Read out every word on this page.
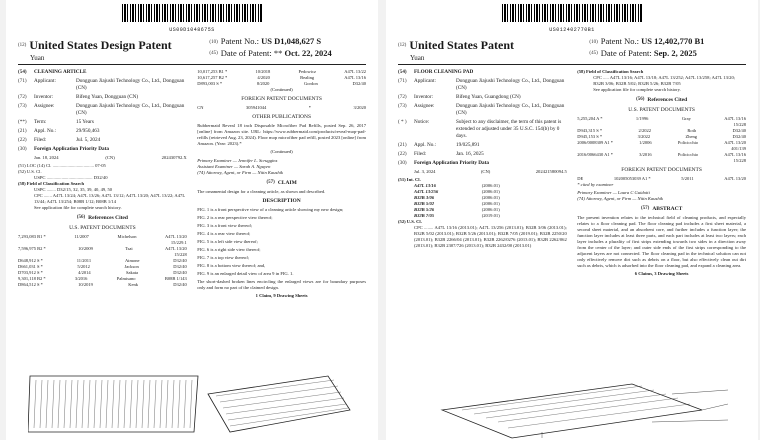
US00D1048675S
(12) United States Design Patent
Yuan
(10) Patent No.: US D1,048,627 S
(45) Date of Patent: ** Oct. 22, 2024
(54)	CLEANING ARTICLE
(71)	Applicant:	Dongguan Jiajushi Technology Co., Ltd., Dongguan (CN)
(72)	Inventor:	Bifeng Yuan, Dongguan (CN)
(73)	Assignee:	Dongguan Jiajushi Technology Co., Ltd., Dongguan (CN)
(**)	Term:	15 Years
(21)	Appl. No.:	29/950,463
(22)	Filed:	Jul. 5, 2024
(30)	Foreign Application Priority Data
Jan. 18, 2024	(CN)	202430792.X
(51) LOC (14) Cl. .................................... 07-05
(52) U.S. Cl.
USPC ........................................ D32/40
(58) Field of Classification Search
USPC ........ D32/15, 32, 35, 39, 40, 49, 50
CPC ....... A47L 13/24; A47L 13/26; A47L 13/12; A47L 13/20; A47L 13/22; A47L 13/44; A47L 13/254; B08B 1/12; B08B 1/14
See application file for complete search history.
(56) References Cited
U.S. PATENT DOCUMENTS
7,293,083 B1 *	11/2007	Michelson	A47L 13/20
15/229.1
7,596,975 B2 *	10/2009	Tsai	A47L 13/20
15/228
D648,912 S *	11/2011	Aimone	D32/40
D661,031 S *	5/2012	Jackson	D32/40
D703,912 S *	4/2014	Sakata	D32/40
9,301,118 B2 *	3/2016	Palmisano	B08B 1/143
D864,512 S *	10/2019	Kenk	D32/40
10,017,253 B1 *	10/2018	Pedowicz	A47L 13/22
10,617,257 B2 *	4/2020	Bealing	A47L 13/16
D893,003 S *	8/2020	Gordon	D32/40
(Continued)
FOREIGN PATENT DOCUMENTS
CN	305941044	*	3/2020
OTHER PUBLICATIONS
Rubbermaid Reveal 18 inch Disposable Microfiber Pad Refills, posted Sep. 26, 2017 [online] from Amazon site. URL: https://www.rubbermaid.com/products/reveal-mop-pad-refills (retrieved Aug. 23, 2024). Floor mop microfiber pad refill, posted 2023 [online] from Amazon. (Year: 2023).*
(Continued)
Primary Examiner — Jennifer L. Scruggins
Assistant Examiner — Sarah A. Nguyen
(74) Attorney, Agent, or Firm — Nitin Kaushik
(57) CLAIM
The ornamental design for a cleaning article, as shown and described.
DESCRIPTION
FIG. 1 is a front perspective view of a cleaning article showing my new design;
FIG. 2 is a rear perspective view thereof;
FIG. 3 is a front view thereof;
FIG. 4 is a rear view thereof;
FIG. 5 is a left side view thereof;
FIG. 6 is a right side view thereof;
FIG. 7 is a top view thereof;
FIG. 8 is a bottom view thereof; and,
FIG. 9 is an enlarged detail view of area 9 in FIG. 1.
The short-dashed broken lines encircling the enlarged views are for boundary purposes only and form no part of the claimed design.
1 Claim, 9 Drawing Sheets
US012402770B1
(12) United States Patent
Yuan
(10) Patent No.: US 12,402,770 B1
(45) Date of Patent: Sep. 2, 2025
(54)	FLOOR CLEANING PAD
(71)	Applicant:	Dongguan Jiajushi Technology Co., Ltd., Dongguan (CN)
(72)	Inventor:	Bifeng Yuan, Guangdong (CN)
(73)	Assignee:	Dongguan Jiajushi Technology Co., Ltd., Dongguan (CN)
( * )	Notice:	Subject to any disclaimer, the term of this patent is extended or adjusted under 35 U.S.C. 154(b) by 0 days.
(21)	Appl. No.:	19/025,891
(22)	Filed:	Jan. 16, 2025
(30)	Foreign Application Priority Data
Jul. 3, 2024	(CN)	202421580094.5
(51) Int. Cl.
A47L 13/16	(2006.01)
A47L 13/256	(2006.01)
B32B 3/06	(2006.01)
B32B 5/02	(2006.01)
B32B 5/26	(2006.01)
B32B 7/05	(2019.01)
(52) U.S. Cl.
CPC ........ A47L 13/16 (2013.01); A47L 13/256 (2013.01); B32B 3/06 (2013.01); B32B 5/02 (2013.01); B32B 5/26 (2013.01); B32B 7/05 (2019.01); B32B 2250/20 (2013.01); B32B 2266/04 (2013.01); B32B 2262/0276 (2013.01); B32B 2262/062 (2013.01); B32B 2307/726 (2013.01); B32B 2432/00 (2013.01)
(58) Field of Classification Search
CPC ..... A47L 13/16; A47L 13/18; A47L 13/252; A47L 13/258; A47L 13/20; B32B 3/06; B32B 5/02; B32B 5/26; B32B 7/05
See application file for complete search history.
(56) References Cited
U.S. PATENT DOCUMENTS
5,255,204 A *	1/1996	Gray	A47L 13/16
15/228
D943,315 S *	2/2022	Roth	D32/40
D945,153 S *	3/2022	Zheng	D32/40
2006/0008309 A1 *	1/2006	Policicchio	A47L 13/20
401/139
2016/0066430 A1 *	3/2016	Policicchio	A47L 13/16
15/228
FOREIGN PATENT DOCUMENTS
DE	102005053039 A1 *	5/2011	A47L 13/20
* cited by examiner
Primary Examiner — Laura C Guidotti
(74) Attorney, Agent, or Firm — Nitin Kaushik
(57) ABSTRACT
The present invention relates to the technical field of cleaning products, and especially relates to a floor cleaning pad. The floor cleaning pad includes a first sheet material, a second sheet material, and an absorbent core, and further includes a function layer; the function layer includes at least three parts, and each part includes at least two layers; each layer includes a plurality of first strips extending towards two sides in a direction away from the center of the layer; and outer side ends of the first strips corresponding to the adjacent layers are not connected. The floor cleaning pad in the technical solution can not only effectively remove dirt such as debris on a floor, but also effectively clean out dirt such as debris, which is adsorbed into the floor cleaning pad, and expand a cleaning area.
6 Claims, 3 Drawing Sheets
